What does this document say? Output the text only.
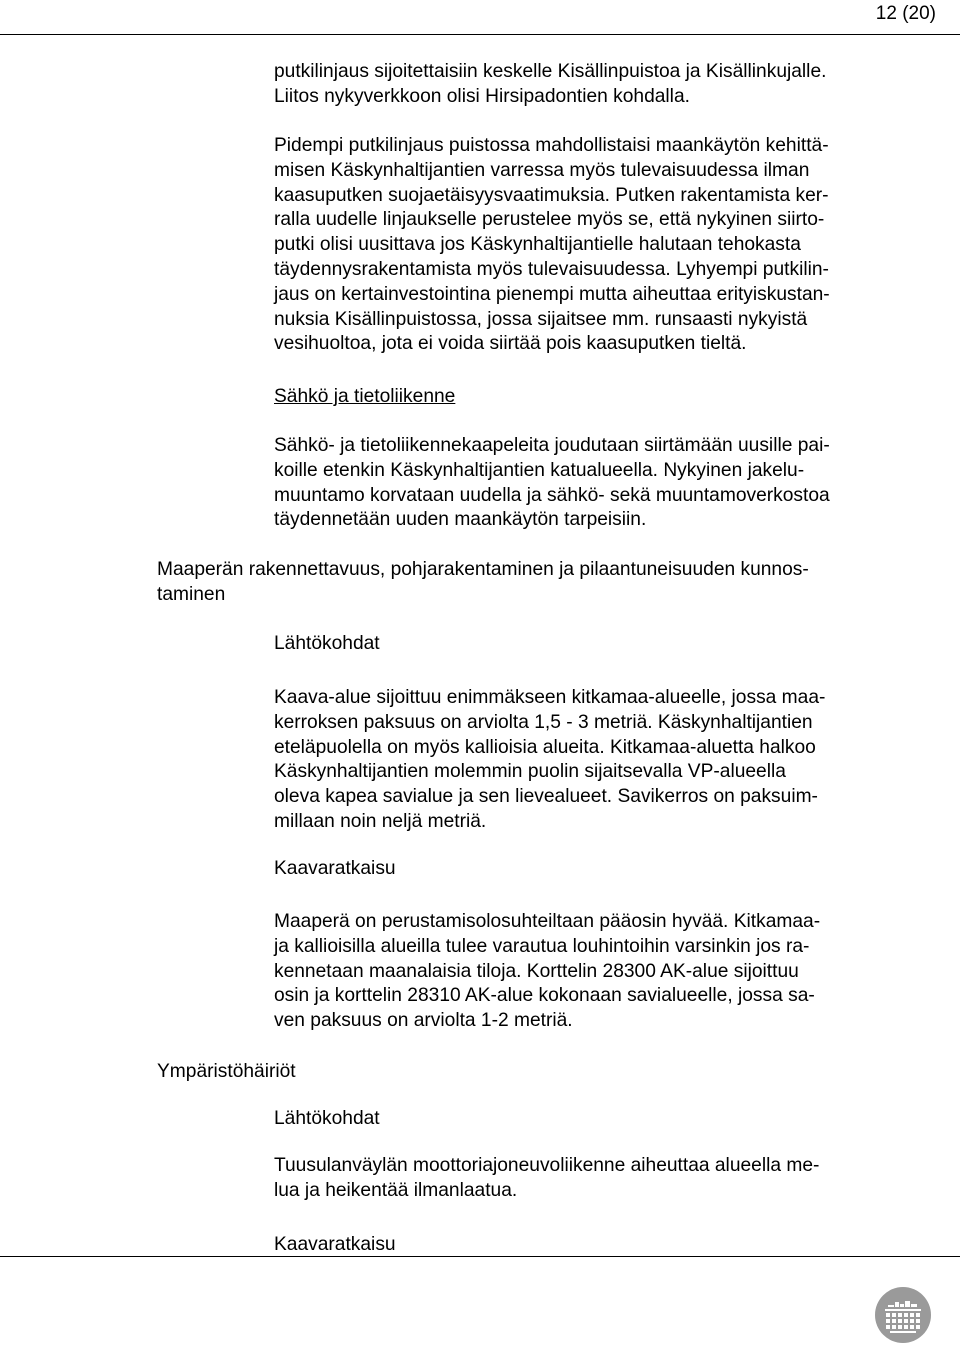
12 (20)
putkilinjaus sijoitettaisiin keskelle Kisällinpuistoa ja Kisällinkujalle.
Liitos nykyverkkoon olisi Hirsipadontien kohdalla.
Pidempi putkilinjaus puistossa mahdollistaisi maankäytön kehittä-
misen Käskynhaltijantien varressa myös tulevaisuudessa ilman
kaasuputken suojaetäisyysvaatimuksia. Putken rakentamista ker-
ralla uudelle linjaukselle perustelee myös se, että nykyinen siirto-
putki olisi uusittava jos Käskynhaltijantielle halutaan tehokasta
täydennysrakentamista myös tulevaisuudessa. Lyhyempi putkilin-
jaus on kertainvestointina pienempi mutta aiheuttaa erityiskustan-
nuksia Kisällinpuistossa, jossa sijaitsee mm. runsaasti nykyistä
vesihuoltoa, jota ei voida siirtää pois kaasuputken tieltä.
Sähkö ja tietoliikenne
Sähkö- ja tietoliikennekaapeleita joudutaan siirtämään uusille pai-
koille etenkin Käskynhaltijantien katualueella. Nykyinen jakelu-
muuntamo korvataan uudella ja sähkö- sekä muuntamoverkostoa
täydennetään uuden maankäytön tarpeisiin.
Maaperän rakennettavuus, pohjarakentaminen ja pilaantuneisuuden kunnos-
taminen
Lähtökohdat
Kaava-alue sijoittuu enimmäkseen kitkamaa-alueelle, jossa maa-
kerroksen paksuus on arviolta 1,5 - 3 metriä. Käskynhaltijantien
eteläpuolella on myös kallioisia alueita. Kitkamaa-aluetta halkoo
Käskynhaltijantien molemmin puolin sijaitsevalla VP-alueella
oleva kapea savialue ja sen lievealueet. Savikerros on paksuim-
millaan noin neljä metriä.
Kaavaratkaisu
Maaperä on perustamisolosuhteiltaan pääosin hyvää. Kitkamaa-
ja kallioisilla alueilla tulee varautua louhintoihin varsinkin jos ra-
kennetaan maanalaisia tiloja. Korttelin 28300 AK-alue sijoittuu
osin ja korttelin 28310 AK-alue kokonaan savialueelle, jossa sa-
ven paksuus on arviolta 1-2 metriä.
Ympäristöhäiriöt
Lähtökohdat
Tuusulanväylän moottoriajoneuvoliikenne aiheuttaa alueella me-
lua ja heikentää ilmanlaatua.
Kaavaratkaisu
